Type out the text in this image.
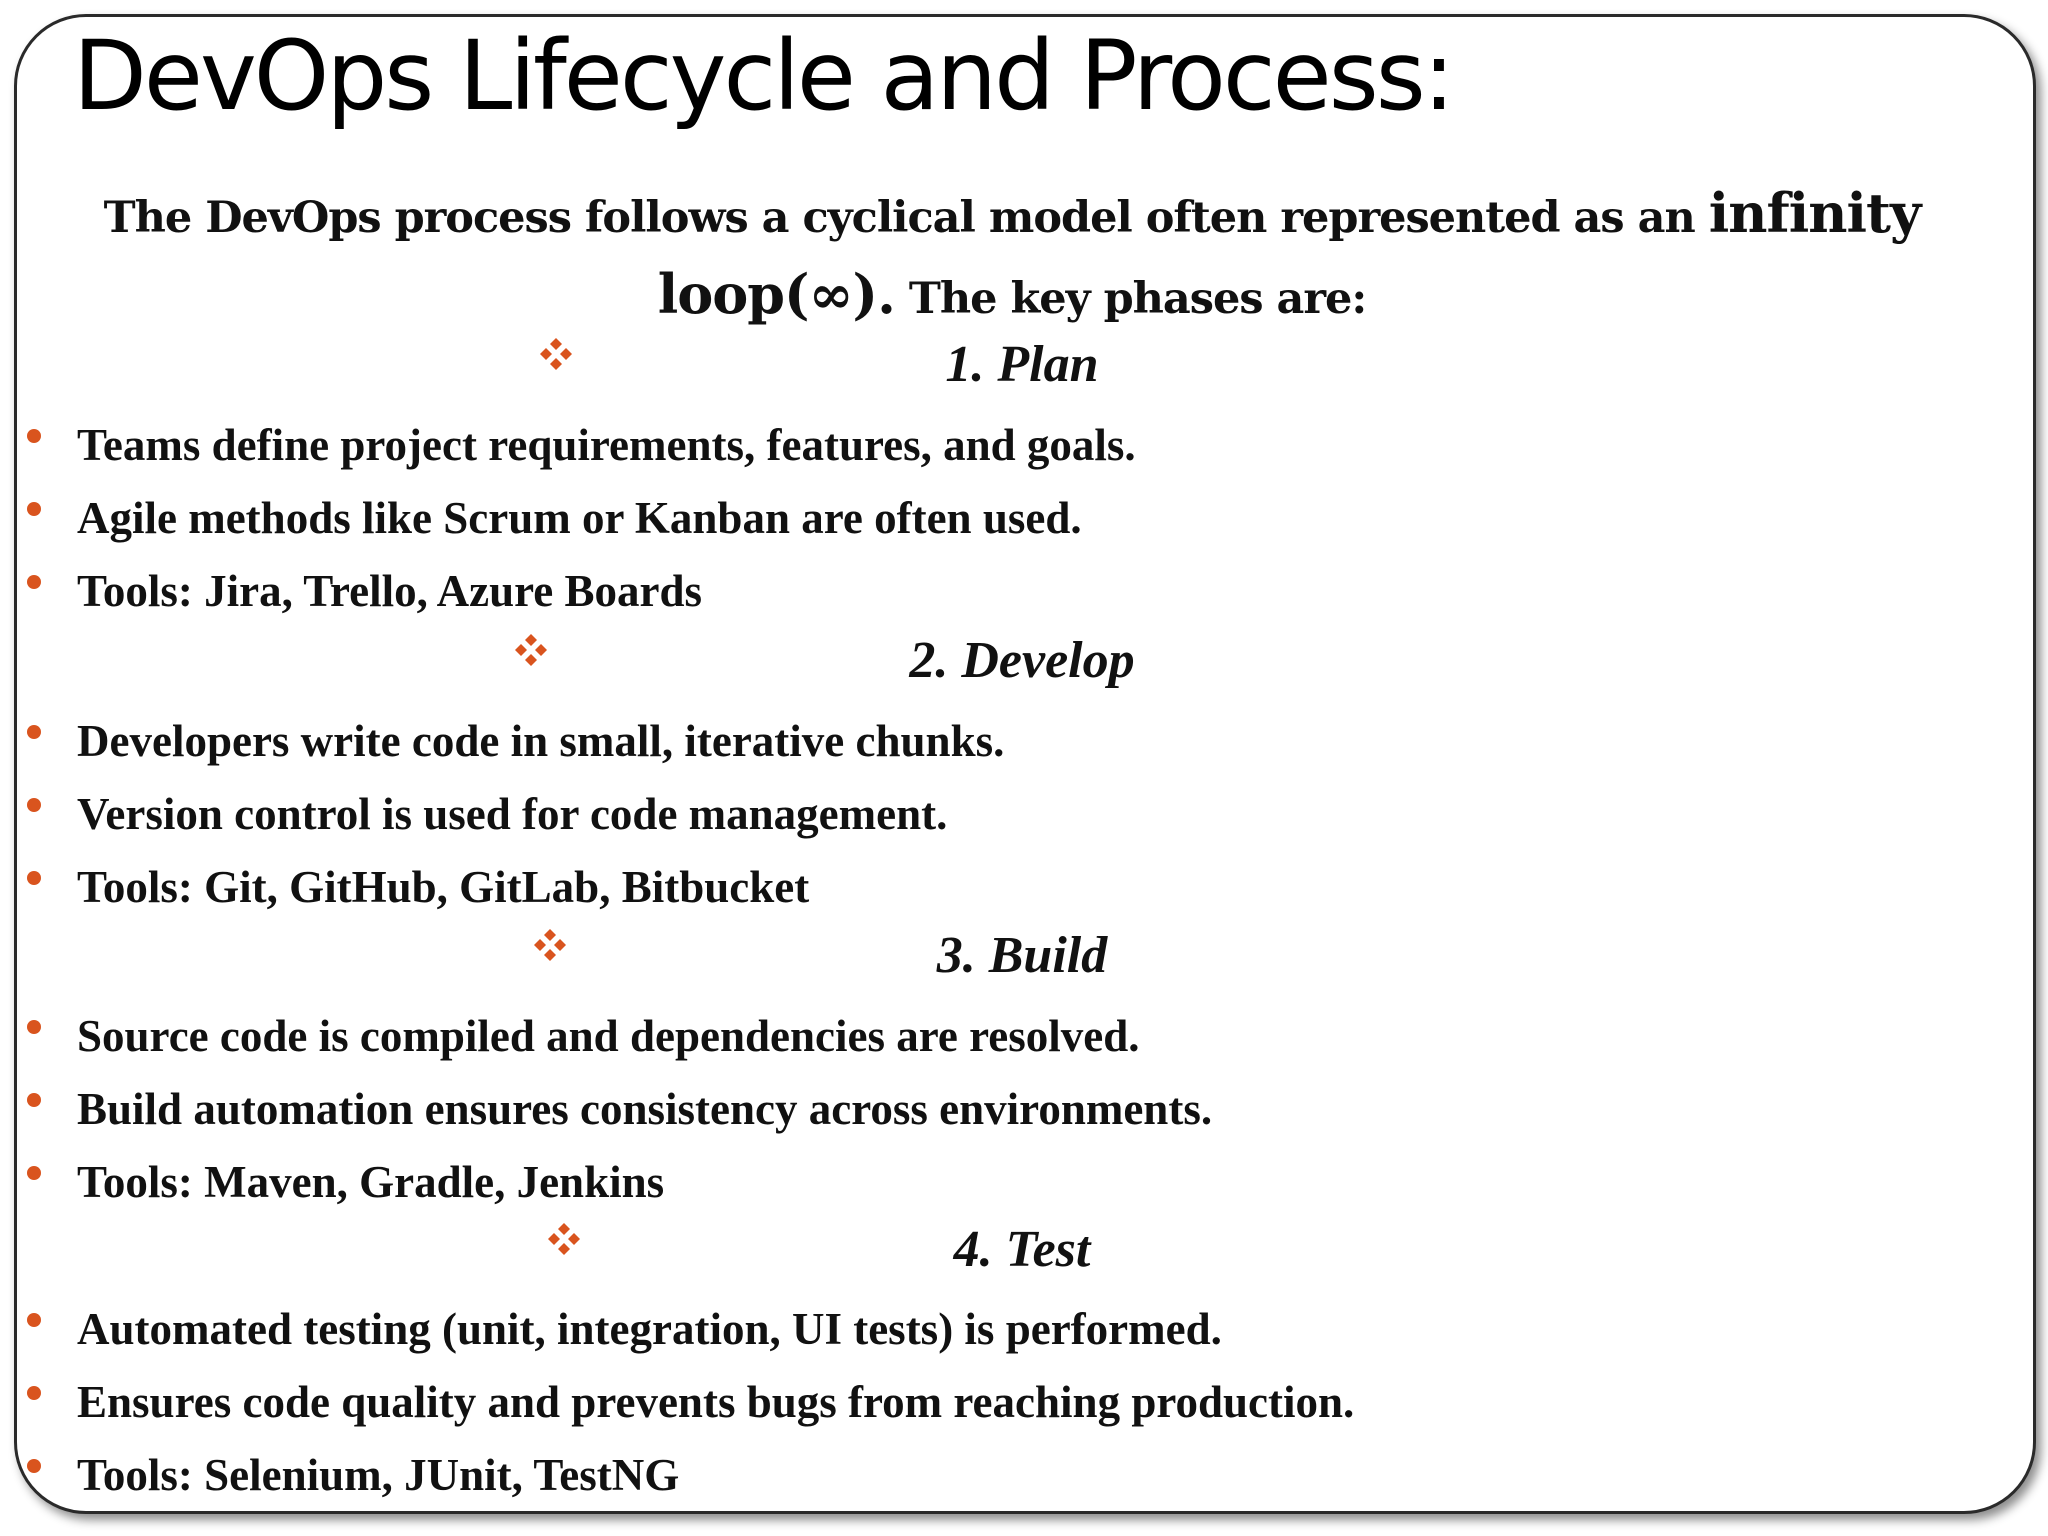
DevOps Lifecycle and Process:

The DevOps process follows a cyclical model often represented as an infinity loop(∞). The key phases are:

1. Plan
Teams define project requirements, features, and goals.
Agile methods like Scrum or Kanban are often used.
Tools: Jira, Trello, Azure Boards
2. Develop
Developers write code in small, iterative chunks.
Version control is used for code management.
Tools: Git, GitHub, GitLab, Bitbucket
3. Build
Source code is compiled and dependencies are resolved.
Build automation ensures consistency across environments.
Tools: Maven, Gradle, Jenkins
4. Test
Automated testing (unit, integration, UI tests) is performed.
Ensures code quality and prevents bugs from reaching production.
Tools: Selenium, JUnit, TestNG
